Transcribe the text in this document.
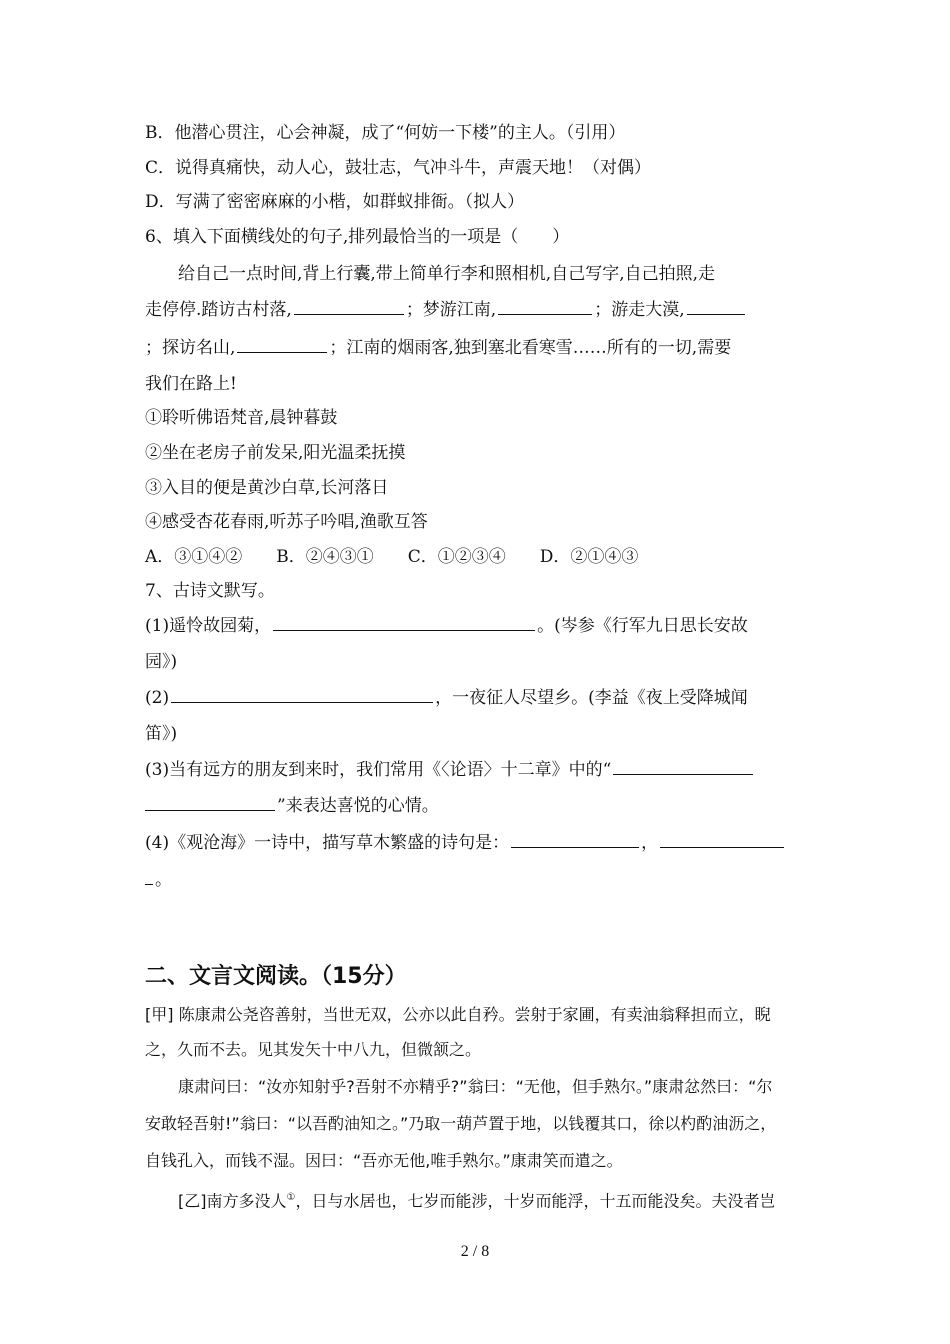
B．他潜心贯注，心会神凝，成了“何妨一下楼”的主人。（引用）
C．说得真痛快，动人心，鼓壮志，气冲斗牛，声震天地！（对偶）
D．写满了密密麻麻的小楷，如群蚁排衙。（拟人）
6、填入下面横线处的句子,排列最恰当的一项是（　　）
给自己一点时间,背上行囊,带上简单行李和照相机,自己写字,自己拍照,走
走停停.踏访古村落,	；梦游江南,	；游走大漠,
；探访名山,	；江南的烟雨客,独到塞北看寒雪……所有的一切,需要
我们在路上!
①聆听佛语梵音,晨钟暮鼓
②坐在老房子前发呆,阳光温柔抚摸
③入目的便是黄沙白草,长河落日
④感受杏花春雨,听苏子吟唱,渔歌互答
A．③①④②　　B．②④③①　　C．①②③④　　D．②①④③
7、古诗文默写。
(1)遥怜故园菊，	。(岑参《行军九日思长安故
园》)
(2)	，一夜征人尽望乡。(李益《夜上受降城闻
笛》)
(3)当有远方的朋友到来时，我们常用《〈论语〉十二章》中的“
”来表达喜悦的心情。
(4)《观沧海》一诗中，描写草木繁盛的诗句是：	，
。
二、文言文阅读。（15分）
[甲] 陈康肃公尧咨善射，当世无双，公亦以此自矜。尝射于家圃，有卖油翁释担而立，睨
之，久而不去。见其发矢十中八九，但微颔之。
康肃问曰：“汝亦知射乎?吾射不亦精乎?”翁曰：“无他，但手熟尔。”康肃忿然曰：“尔
安敢轻吾射!”翁曰：“以吾酌油知之。”乃取一葫芦置于地，以钱覆其口，徐以杓酌油沥之，
自钱孔入，而钱不湿。因曰：“吾亦无他,唯手熟尔。”康肃笑而遣之。
[乙]南方多没人①，日与水居也，七岁而能涉，十岁而能浮，十五而能没矣。夫没者岂
2 / 8
